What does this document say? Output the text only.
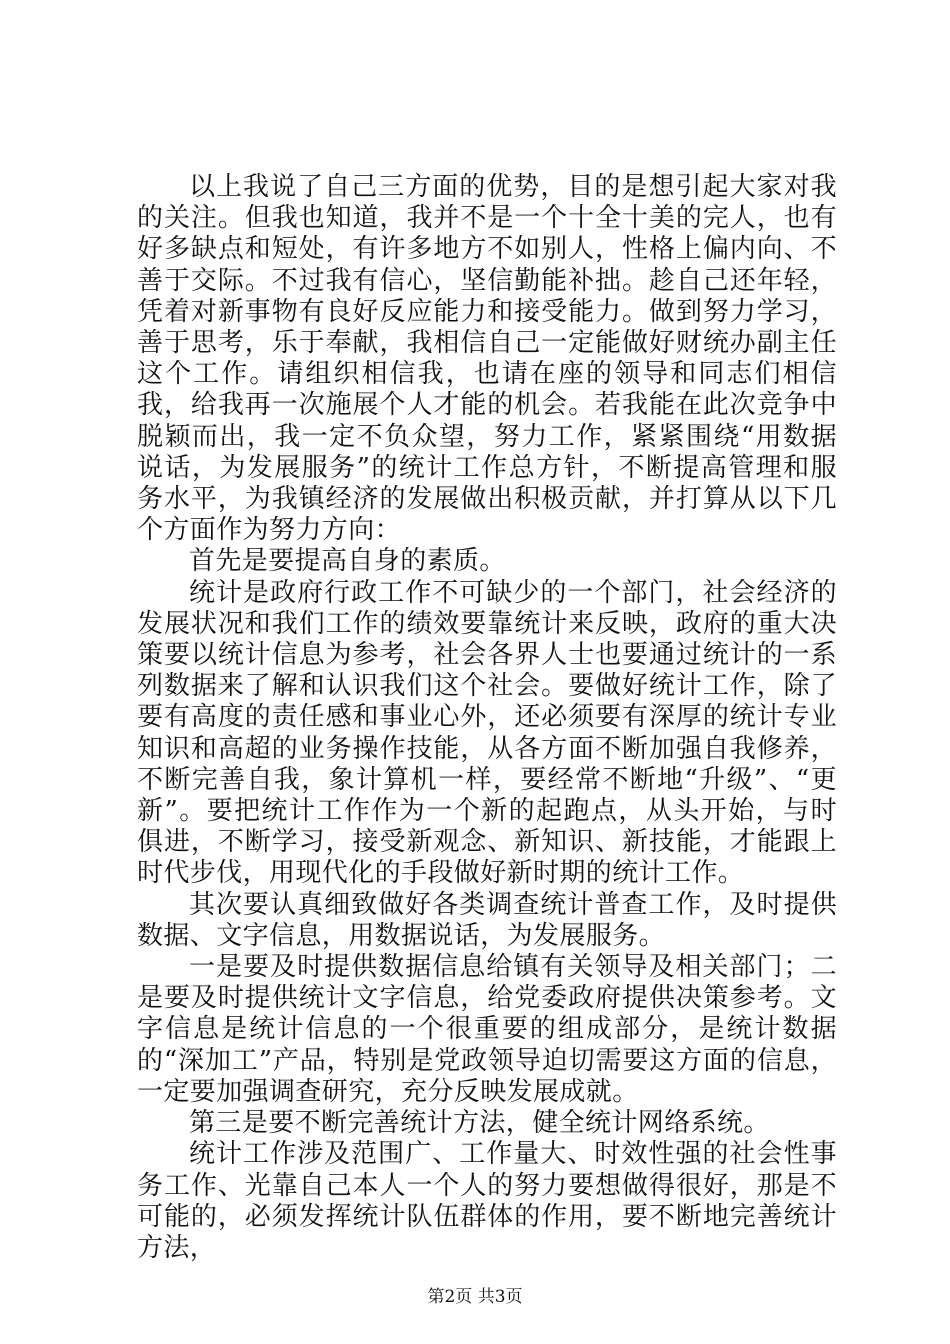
以上我说了自己三方面的优势，目的是想引起大家对我的关注。但我也知道，我并不是一个十全十美的完人，也有好多缺点和短处，有许多地方不如别人，性格上偏内向、不善于交际。不过我有信心，坚信勤能补拙。趁自己还年轻，凭着对新事物有良好反应能力和接受能力。做到努力学习，善于思考，乐于奉献，我相信自己一定能做好财统办副主任这个工作。请组织相信我，也请在座的领导和同志们相信我，给我再一次施展个人才能的机会。若我能在此次竞争中脱颖而出，我一定不负众望，努力工作，紧紧围绕“用数据说话，为发展服务”的统计工作总方针，不断提高管理和服务水平，为我镇经济的发展做出积极贡献，并打算从以下几个方面作为努力方向：

首先是要提高自身的素质。

统计是政府行政工作不可缺少的一个部门，社会经济的发展状况和我们工作的绩效要靠统计来反映，政府的重大决策要以统计信息为参考，社会各界人士也要通过统计的一系列数据来了解和认识我们这个社会。要做好统计工作，除了要有高度的责任感和事业心外，还必须要有深厚的统计专业知识和高超的业务操作技能，从各方面不断加强自我修养，不断完善自我，象计算机一样，要经常不断地“升级”、“更新”。要把统计工作作为一个新的起跑点，从头开始，与时俱进，不断学习，接受新观念、新知识、新技能，才能跟上时代步伐，用现代化的手段做好新时期的统计工作。

其次要认真细致做好各类调查统计普查工作，及时提供数据、文字信息，用数据说话，为发展服务。

一是要及时提供数据信息给镇有关领导及相关部门；二是要及时提供统计文字信息，给党委政府提供决策参考。文字信息是统计信息的一个很重要的组成部分，是统计数据的“深加工”产品，特别是党政领导迫切需要这方面的信息，一定要加强调查研究，充分反映发展成就。

第三是要不断完善统计方法，健全统计网络系统。

统计工作涉及范围广、工作量大、时效性强的社会性事务工作、光靠自己本人一个人的努力要想做得很好，那是不可能的，必须发挥统计队伍群体的作用，要不断地完善统计方法，

第2页 共3页
